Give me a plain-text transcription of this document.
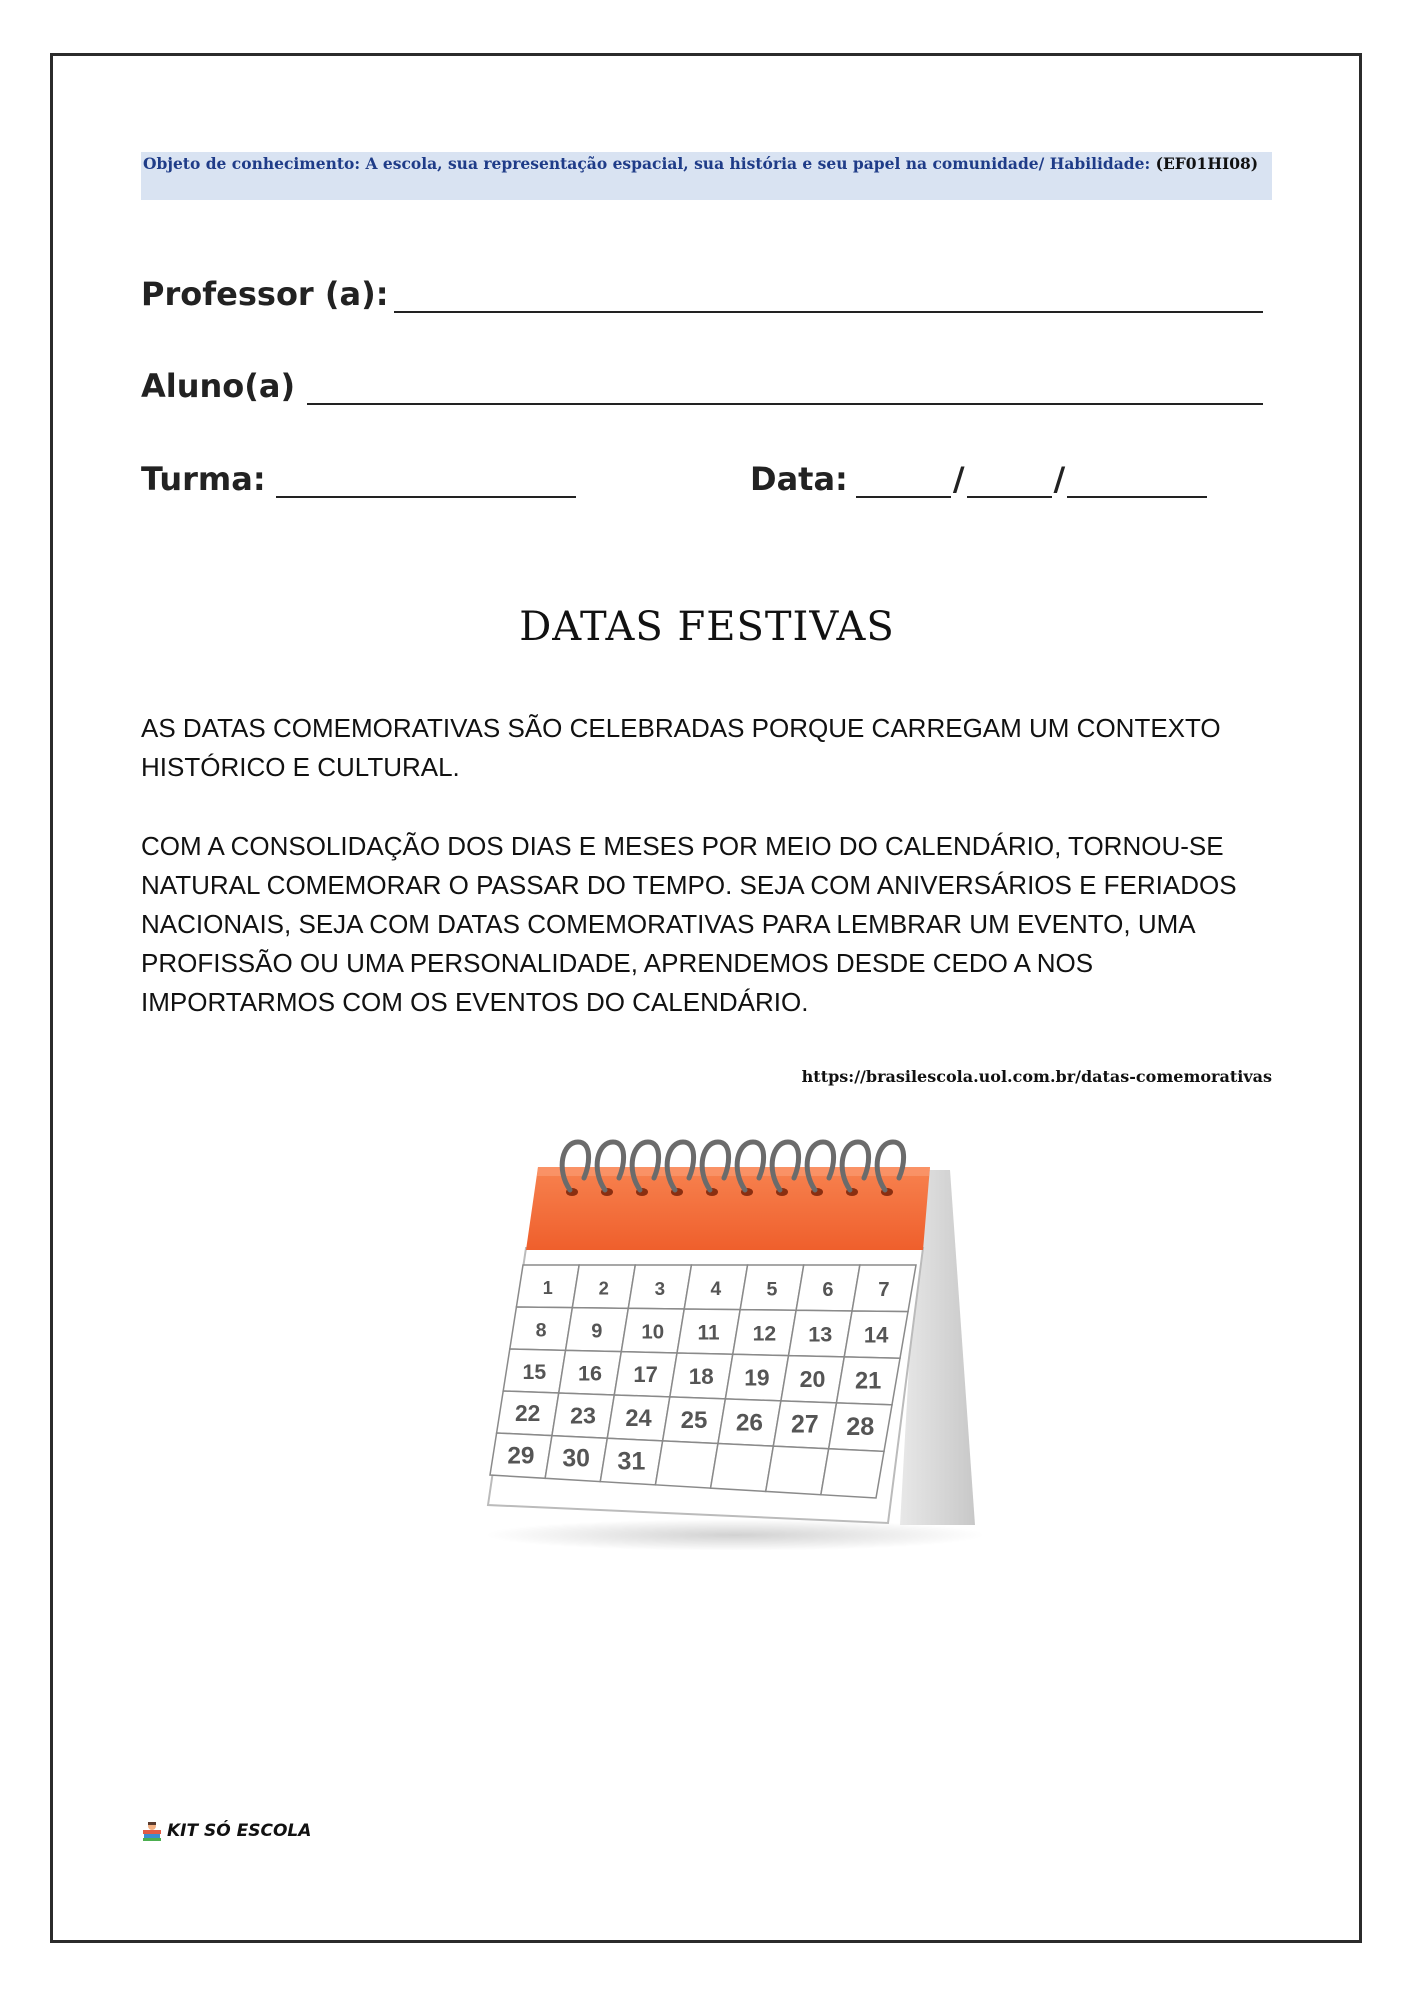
Objeto de conhecimento: A escola, sua representação espacial, sua história e seu papel na comunidade/ Habilidade: (EF01HI08)
Professor (a):
Aluno(a)
Turma:	Data:	/	/
DATAS FESTIVAS
AS DATAS COMEMORATIVAS SÃO CELEBRADAS PORQUE CARREGAM UM CONTEXTO HISTÓRICO E CULTURAL.
COM A CONSOLIDAÇÃO DOS DIAS E MESES POR MEIO DO CALENDÁRIO, TORNOU-SE NATURAL COMEMORAR O PASSAR DO TEMPO. SEJA COM ANIVERSÁRIOS E FERIADOS NACIONAIS, SEJA COM DATAS COMEMORATIVAS PARA LEMBRAR UM EVENTO, UMA PROFISSÃO OU UMA PERSONALIDADE, APRENDEMOS DESDE CEDO A NOS IMPORTARMOS COM OS EVENTOS DO CALENDÁRIO.
https://brasilescola.uol.com.br/datas-comemorativas
1 2 3 4 5 6 7
8 9 10 11 12 13 14
15 16 17 18 19 20 21
22 23 24 25 26 27 28
29 30 31
KIT SÓ ESCOLA
